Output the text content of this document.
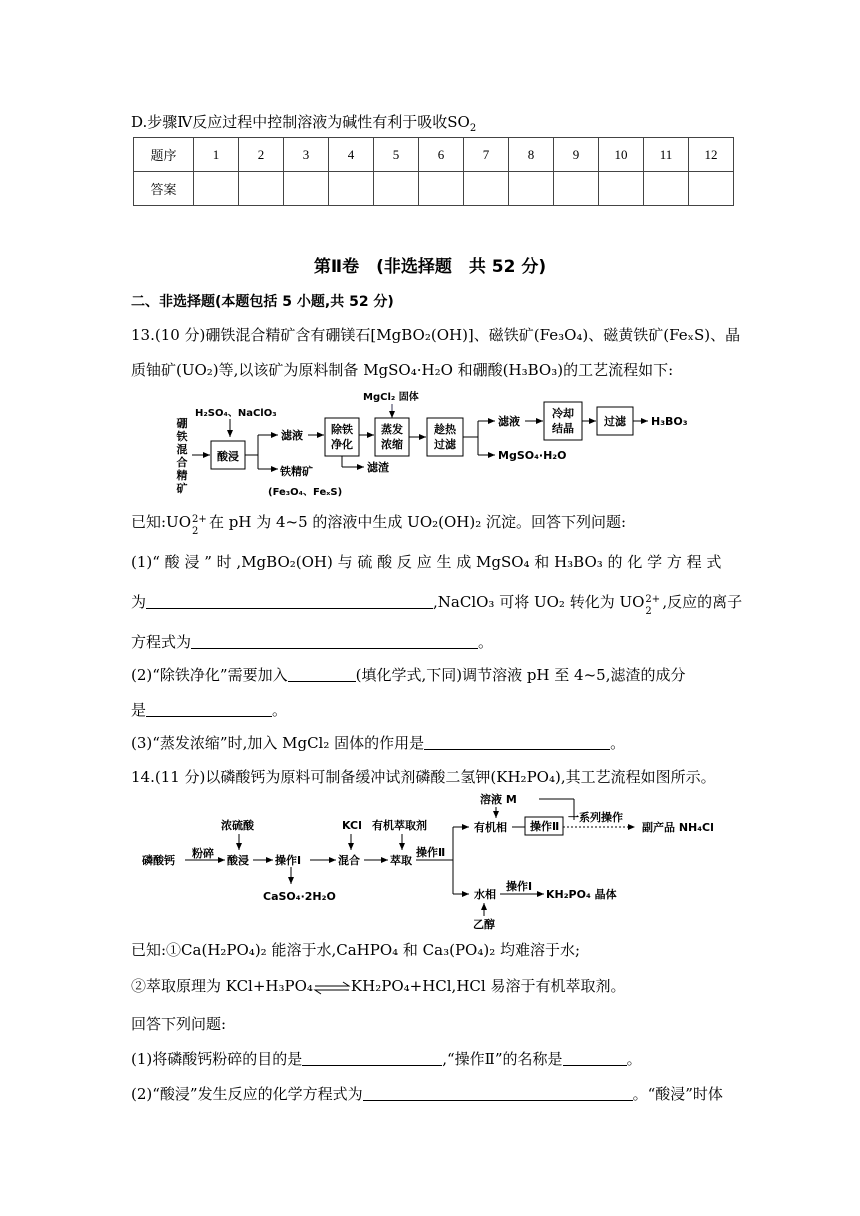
D.步骤Ⅳ反应过程中控制溶液为碱性有利于吸收$SO_2$
题序	1	2	3	4	5	6	7	8	9	10	11	12
答案												
第Ⅱ卷　(非选择题　共 52 分)
二、非选择题(本题包括 5 小题,共 52 分)
13.(10 分)硼铁混合精矿含有硼镁石[MgBO₂(OH)]、磁铁矿(Fe₃O₄)、磁黄铁矿(FeₓS)、晶
质铀矿(UO₂)等,以该矿为原料制备 MgSO₄·H₂O 和硼酸(H₃BO₃)的工艺流程如下:
硼
铁
混
合
精
矿
H₂SO₄、NaClO₃
酸浸
滤液
铁精矿
(Fe₃O₄、FeₓS)
除铁
净化
滤渣
MgCl₂ 固体
蒸发
浓缩
趁热
过滤
滤液
MgSO₄·H₂O
冷却
结晶
过滤 H₃BO₃
已知:UO 2+
2
在 pH 为 4~5 的溶液中生成 UO₂(OH)₂ 沉淀。回答下列问题:
(1)“ 酸 浸 ” 时 ,MgBO₂(OH) 与 硫 酸 反 应 生 成 MgSO₄ 和 H₃BO₃ 的 化 学 方 程 式
为	,NaClO₃ 可将 UO₂ 转化为 UO 2+
2
,反应的离子
方程式为	。
(2)“除铁净化”需要加入	(填化学式,下同)调节溶液 pH 至 4~5,滤渣的成分
是	。
(3)“蒸发浓缩”时,加入 MgCl₂ 固体的作用是	。
14.(11 分)以磷酸钙为原料可制备缓冲试剂磷酸二氢钾(KH₂PO₄),其工艺流程如图所示。
磷酸钙
粉碎
浓硫酸
酸浸 操作Ⅰ
CaSO₄·2H₂O
KCl
混合
有机萃取剂
萃取
操作Ⅱ
有机相
溶液 M
操作Ⅱ
一系列操作
副产品 NH₄Cl
水相
乙醇
操作Ⅰ
KH₂PO₄ 晶体
已知:①Ca(H₂PO₄)₂ 能溶于水,CaHPO₄ 和 Ca₃(PO₄)₂ 均难溶于水;
②萃取原理为 KCl+H₃PO₄⇌KH₂PO₄+HCl,HCl 易溶于有机萃取剂。
回答下列问题:
(1)将磷酸钙粉碎的目的是	,“操作Ⅱ”的名称是	。
(2)“酸浸”发生反应的化学方程式为	。“酸浸”时体
